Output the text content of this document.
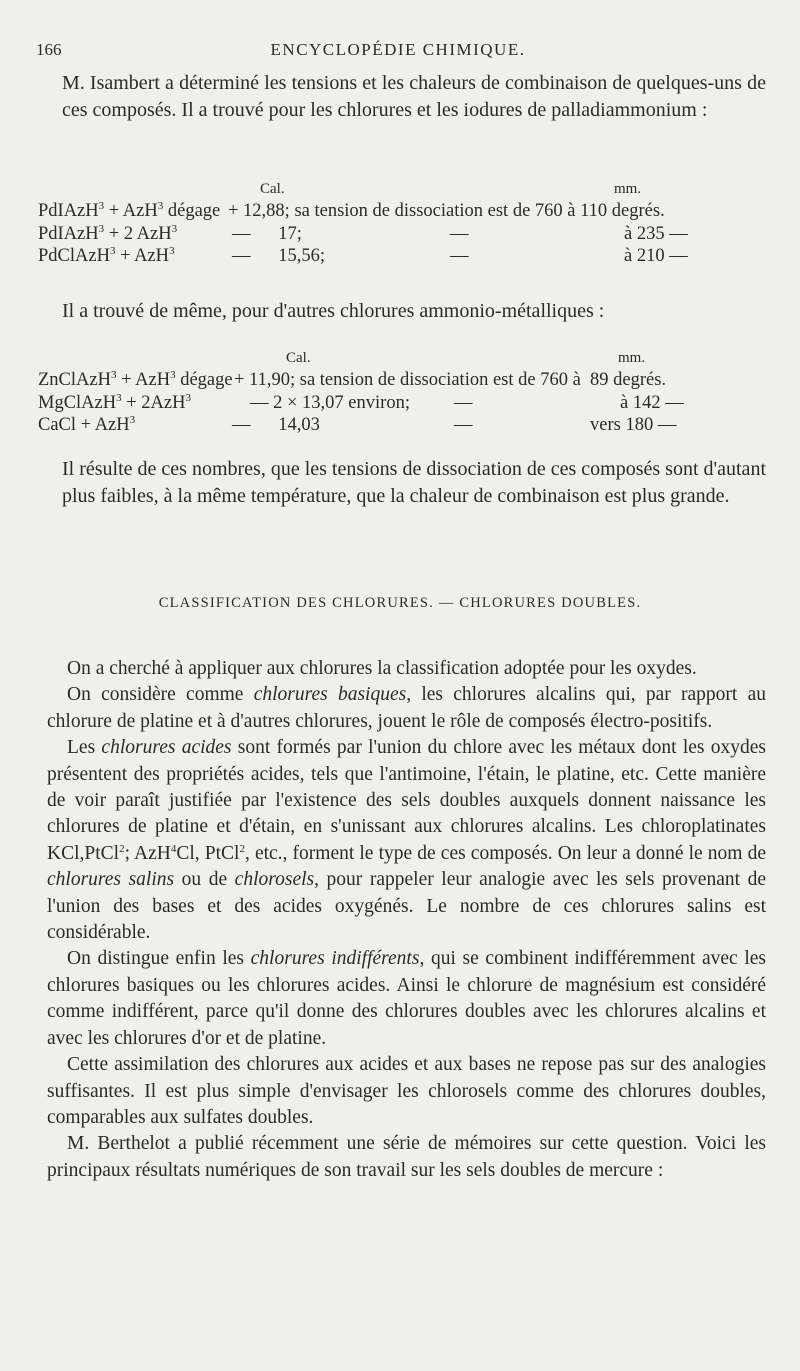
166	ENCYCLOPÉDIE CHIMIQUE.

M. Isambert a déterminé les tensions et les chaleurs de combinaison de quelques-uns de ces composés. Il a trouvé pour les chlorures et les iodures de palladiammonium :

Cal.	mm.
PdIAzH$^3$ + AzH$^3$ dégage + 12,88; sa tension de dissociation est de 760 à 110 degrés.
PdIAzH$^3$ + 2 AzH$^3$	—      17;	—	à 235 —
PdClAzH$^3$ + AzH$^3$	—      15,56;	—	à 210 —

Il a trouvé de même, pour d'autres chlorures ammonio-métalliques :

Cal.	mm.
ZnClAzH$^3$ + AzH$^3$ dégage + 11,90; sa tension de dissociation est de 760 à  89 degrés.
MgClAzH$^3$ + 2AzH$^3$	— 2 × 13,07 environ; —	à 142 —
CaCl + AzH$^3$	—      14,03	—	vers 180 —

Il résulte de ces nombres, que les tensions de dissociation de ces composés sont d'autant plus faibles, à la même température, que la chaleur de combinaison est plus grande.

CLASSIFICATION DES CHLORURES. — CHLORURES DOUBLES.

On a cherché à appliquer aux chlorures la classification adoptée pour les oxydes.

On considère comme chlorures basiques, les chlorures alcalins qui, par rapport au chlorure de platine et à d'autres chlorures, jouent le rôle de composés électro-positifs.

Les chlorures acides sont formés par l'union du chlore avec les métaux dont les oxydes présentent des propriétés acides, tels que l'antimoine, l'étain, le platine, etc. Cette manière de voir paraît justifiée par l'existence des sels doubles auxquels donnent naissance les chlorures de platine et d'étain, en s'unissant aux chlorures alcalins. Les chloroplatinates KCl,PtCl$^2$; AzH$^4$Cl, PtCl$^2$, etc., forment le type de ces composés. On leur a donné le nom de chlorures salins ou de chlorosels, pour rappeler leur analogie avec les sels provenant de l'union des bases et des acides oxygénés. Le nombre de ces chlorures salins est considérable.

On distingue enfin les chlorures indifférents, qui se combinent indifféremment avec les chlorures basiques ou les chlorures acides. Ainsi le chlorure de magnésium est considéré comme indifférent, parce qu'il donne des chlorures doubles avec les chlorures alcalins et avec les chlorures d'or et de platine.

Cette assimilation des chlorures aux acides et aux bases ne repose pas sur des analogies suffisantes. Il est plus simple d'envisager les chlorosels comme des chlorures doubles, comparables aux sulfates doubles.

M. Berthelot a publié récemment une série de mémoires sur cette question. Voici les principaux résultats numériques de son travail sur les sels doubles de mercure :
